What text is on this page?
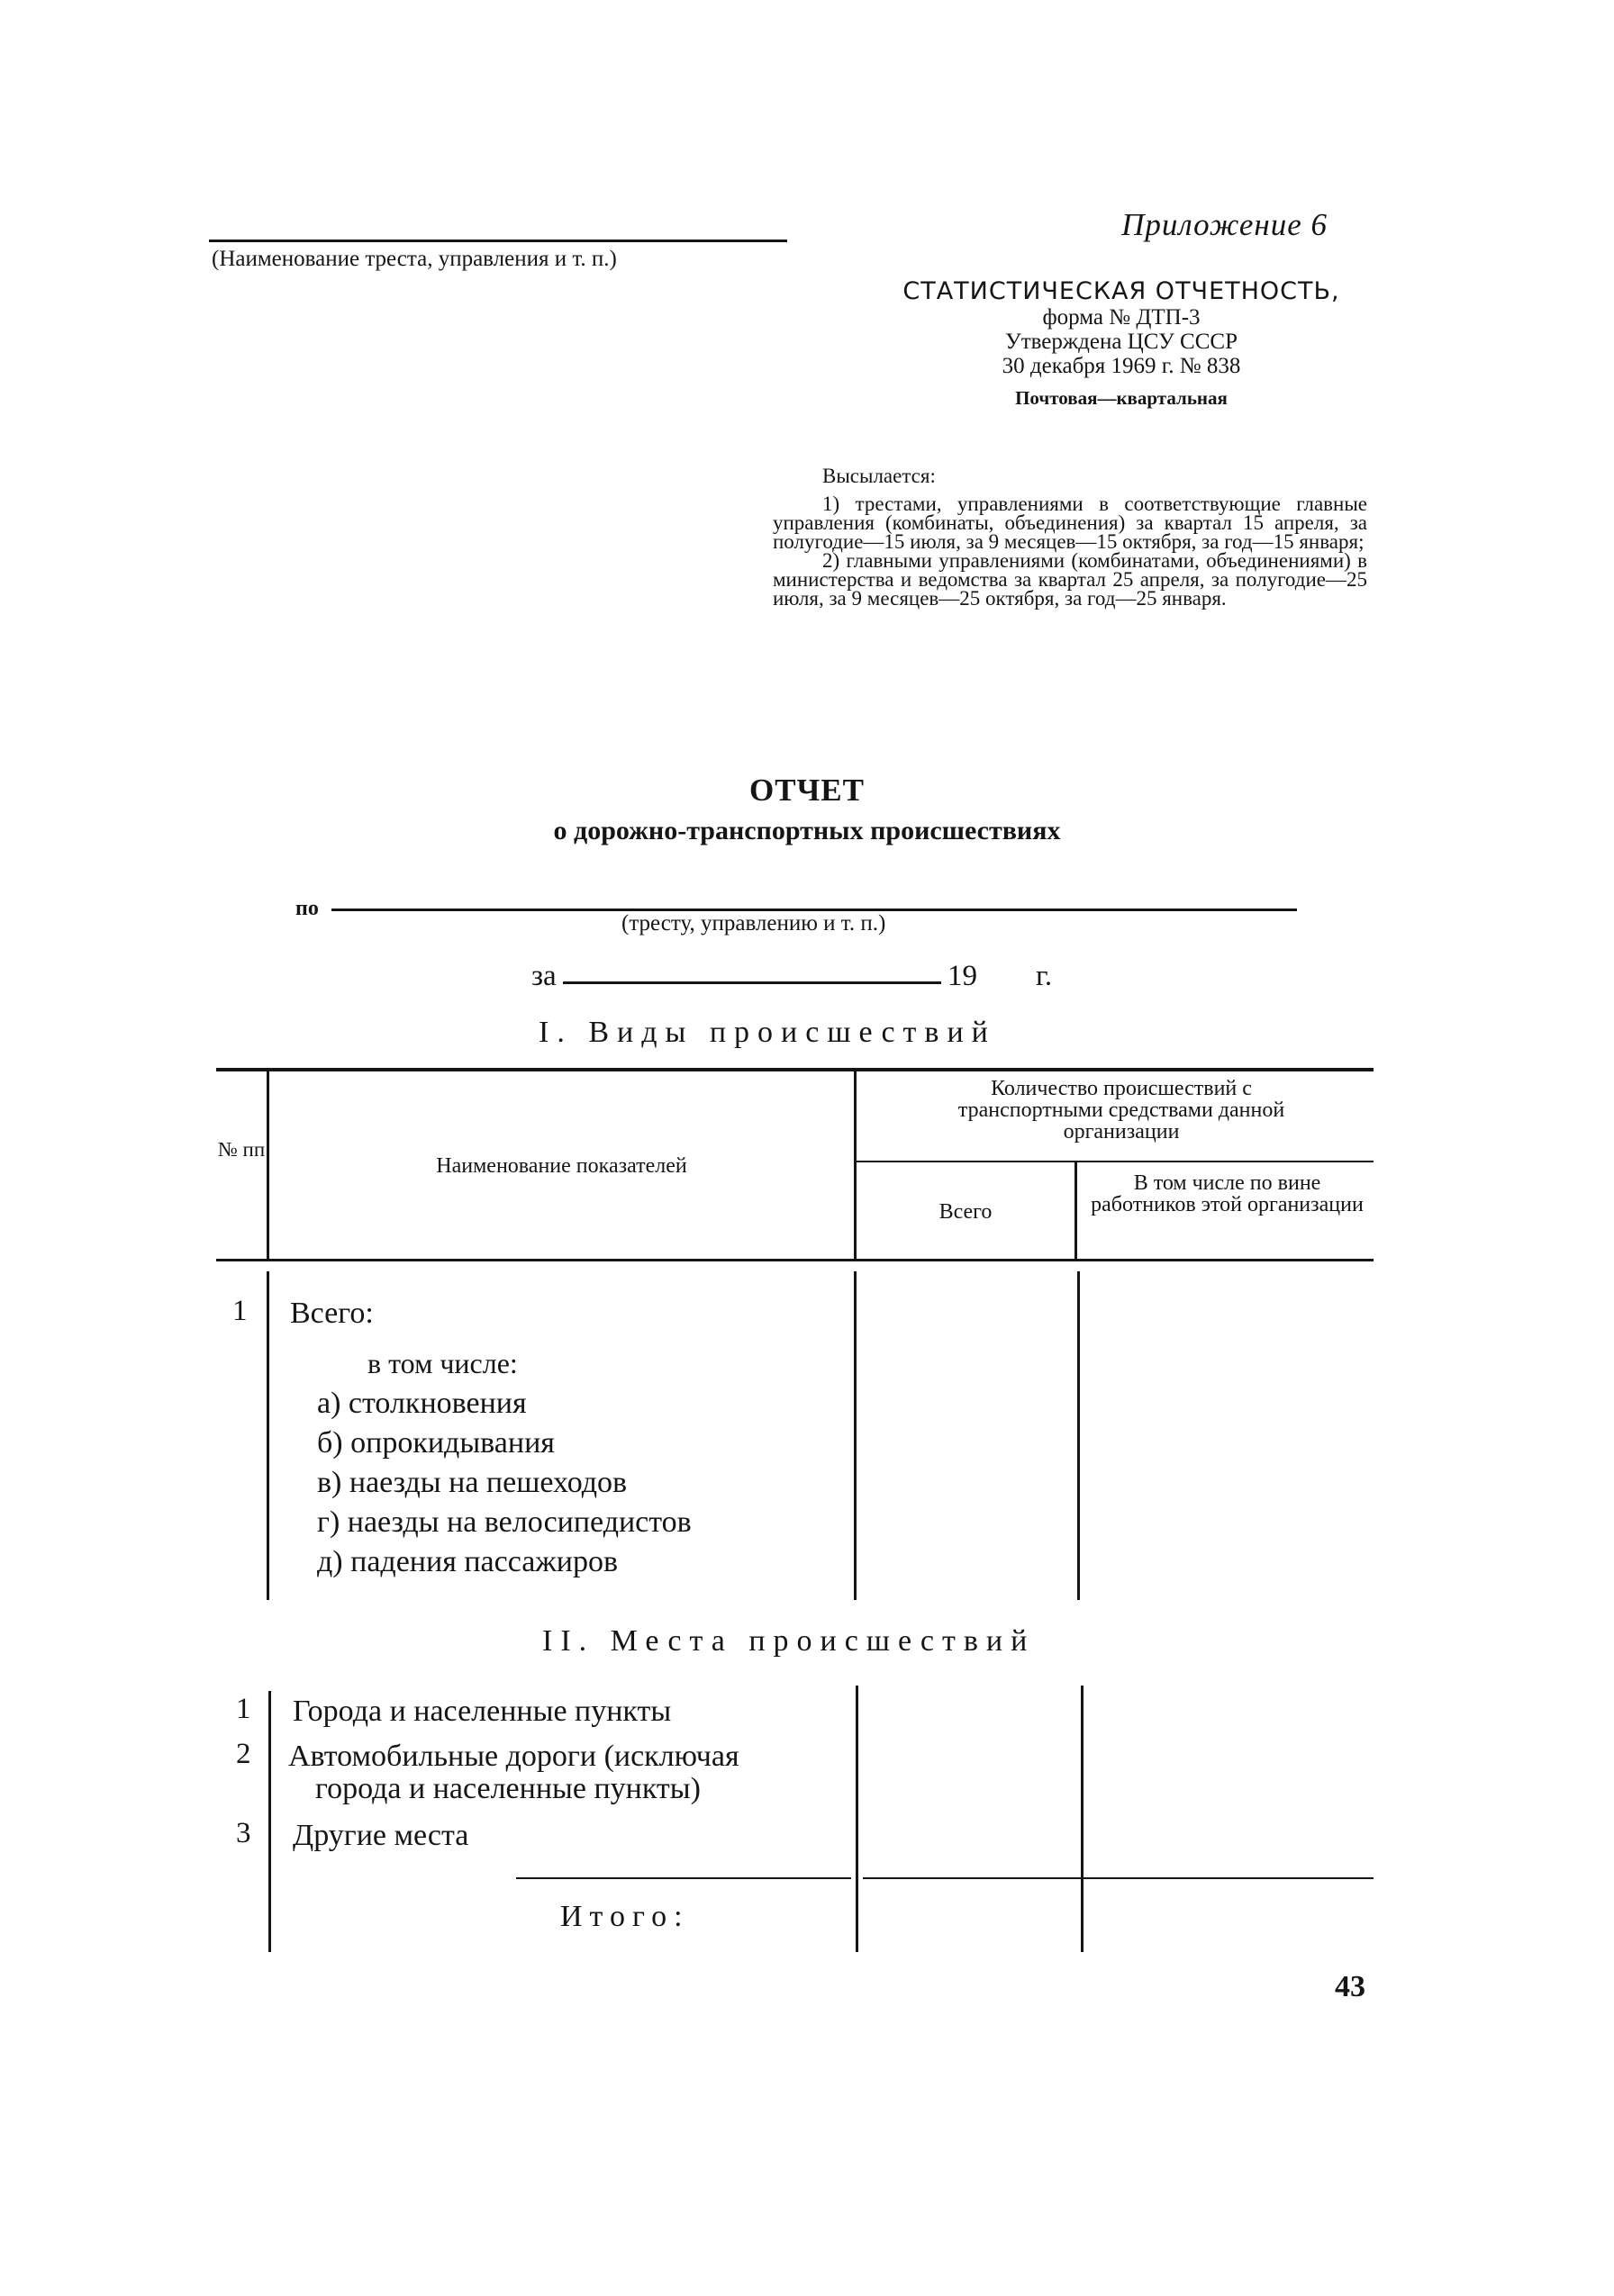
(Наименование треста, управления и т. п.)
Приложение 6
СТАТИСТИЧЕСКАЯ ОТЧЕТНОСТЬ,
форма № ДТП-3
Утверждена ЦСУ СССР
30 декабря 1969 г. № 838
Почтовая—квартальная
Высылается:

1) трестами, управлениями в соответствующие главные управления (комбинаты, объединения) за квартал 15 апреля, за полугодие—15 июля, за 9 месяцев—15 октября, за год—15 января;

2) главными управлениями (комбинатами, объединениями) в министерства и ведомства за квартал 25 апреля, за полугодие—25 июля, за 9 месяцев—25 октября, за год—25 января.

ОТЧЕТ
о дорожно-транспортных происшествиях
по
(тресту, управлению и т. п.)
за	19 г.
I. Виды происшествий
№ пп
Наименование показателей
Количество происшествий с транспортными средствами данной организации
Всего
В том числе по вине работников этой организации
1 Всего:
в том числе:
а) столкновения
б) опрокидывания
в) наезды на пешеходов
г) наезды на велосипедистов
д) падения пассажиров
II. Места происшествий
1 Города и населенные пункты
2 Автомобильные дороги (исключая
города и населенные пункты)
3 Другие места
Итого:
43
